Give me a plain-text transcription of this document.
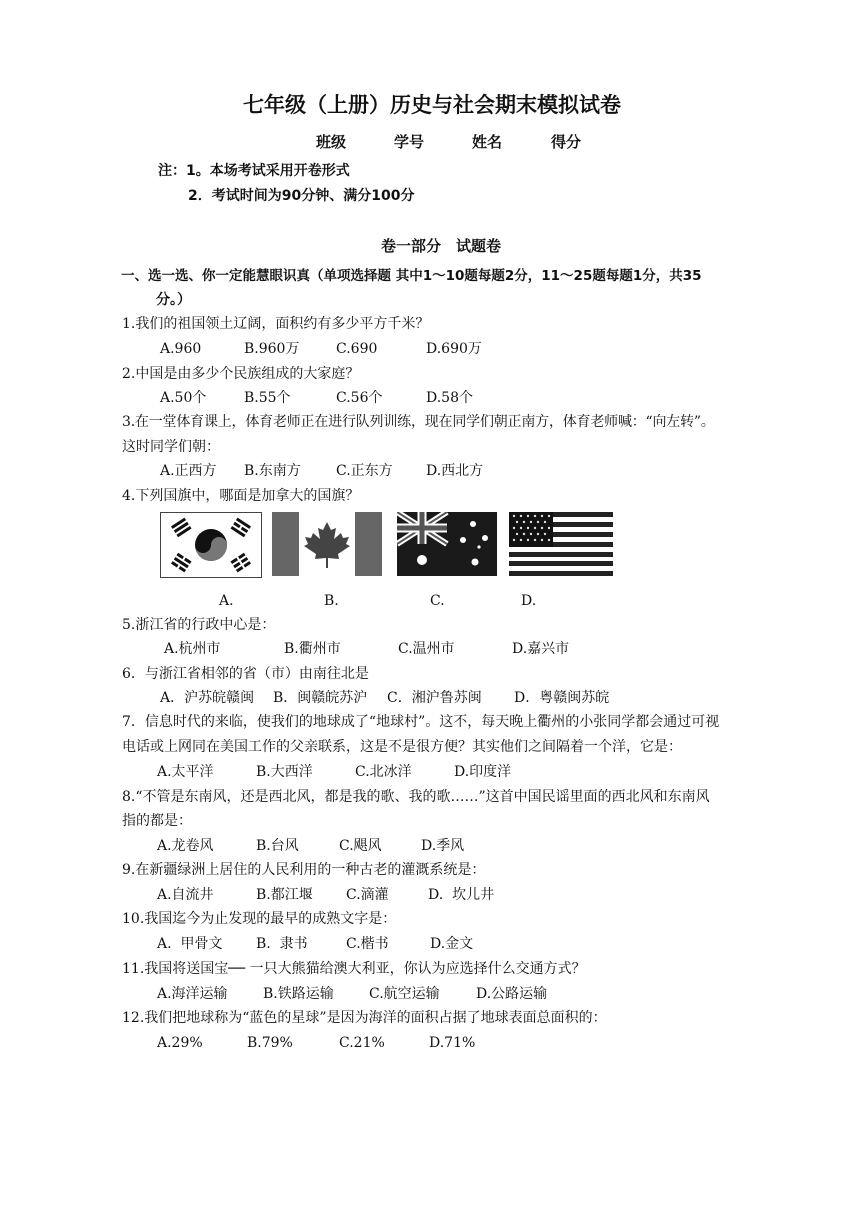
七年级（上册）历史与社会期末模拟试卷
班级	学号	姓名	得分
注：1。本场考试采用开卷形式
2．考试时间为90分钟、满分100分
卷一部分　试题卷
一、选一选、你一定能慧眼识真（单项选择题 其中1～10题每题2分，11～25题每题1分，共35
分。）
1.我们的祖国领土辽阔，面积约有多少平方千米？
A.960	B.960万	C.690	D.690万
2.中国是由多少个民族组成的大家庭？
A.50个	B.55个	C.56个	D.58个
3.在一堂体育课上，体育老师正在进行队列训练，现在同学们朝正南方，体育老师喊：“向左转”。
这时同学们朝：
A.正西方 B.东南方	C.正东方 D.西北方
4.下列国旗中，哪面是加拿大的国旗？
A.	B.	C.	D.
5.浙江省的行政中心是：
A.杭州市	B.衢州市	C.温州市	D.嘉兴市
6．与浙江省相邻的省（市）由南往北是
A．沪苏皖赣闽 B．闽赣皖苏沪 C．湘沪鲁苏闽 D．粤赣闽苏皖
7．信息时代的来临，使我们的地球成了“地球村”。这不，每天晚上衢州的小张同学都会通过可视
电话或上网同在美国工作的父亲联系，这是不是很方便？其实他们之间隔着一个洋，它是：
A.太平洋	B.大西洋	C.北冰洋	D.印度洋
8.“不管是东南风，还是西北风，都是我的歌、我的歌……”这首中国民谣里面的西北风和东南风
指的都是：
A.龙卷风	B.台风	C.飓风	D.季风
9.在新疆绿洲上居住的人民利用的一种古老的灌溉系统是：
A.自流井	B.都江堰 C.滴灌	D.  坎儿井
10.我国迄今为止发现的最早的成熟文字是：
A.  甲骨文 B.  隶书	C.楷书	D.金文
11.我国将送国宝── 一只大熊猫给澳大利亚，你认为应选择什么交通方式？
A.海洋运输	B.铁路运输	C.航空运输	D.公路运输
12.我们把地球称为“蓝色的星球”是因为海洋的面积占据了地球表面总面积的：
A.29%	B.79%	C.21%	D.71%
